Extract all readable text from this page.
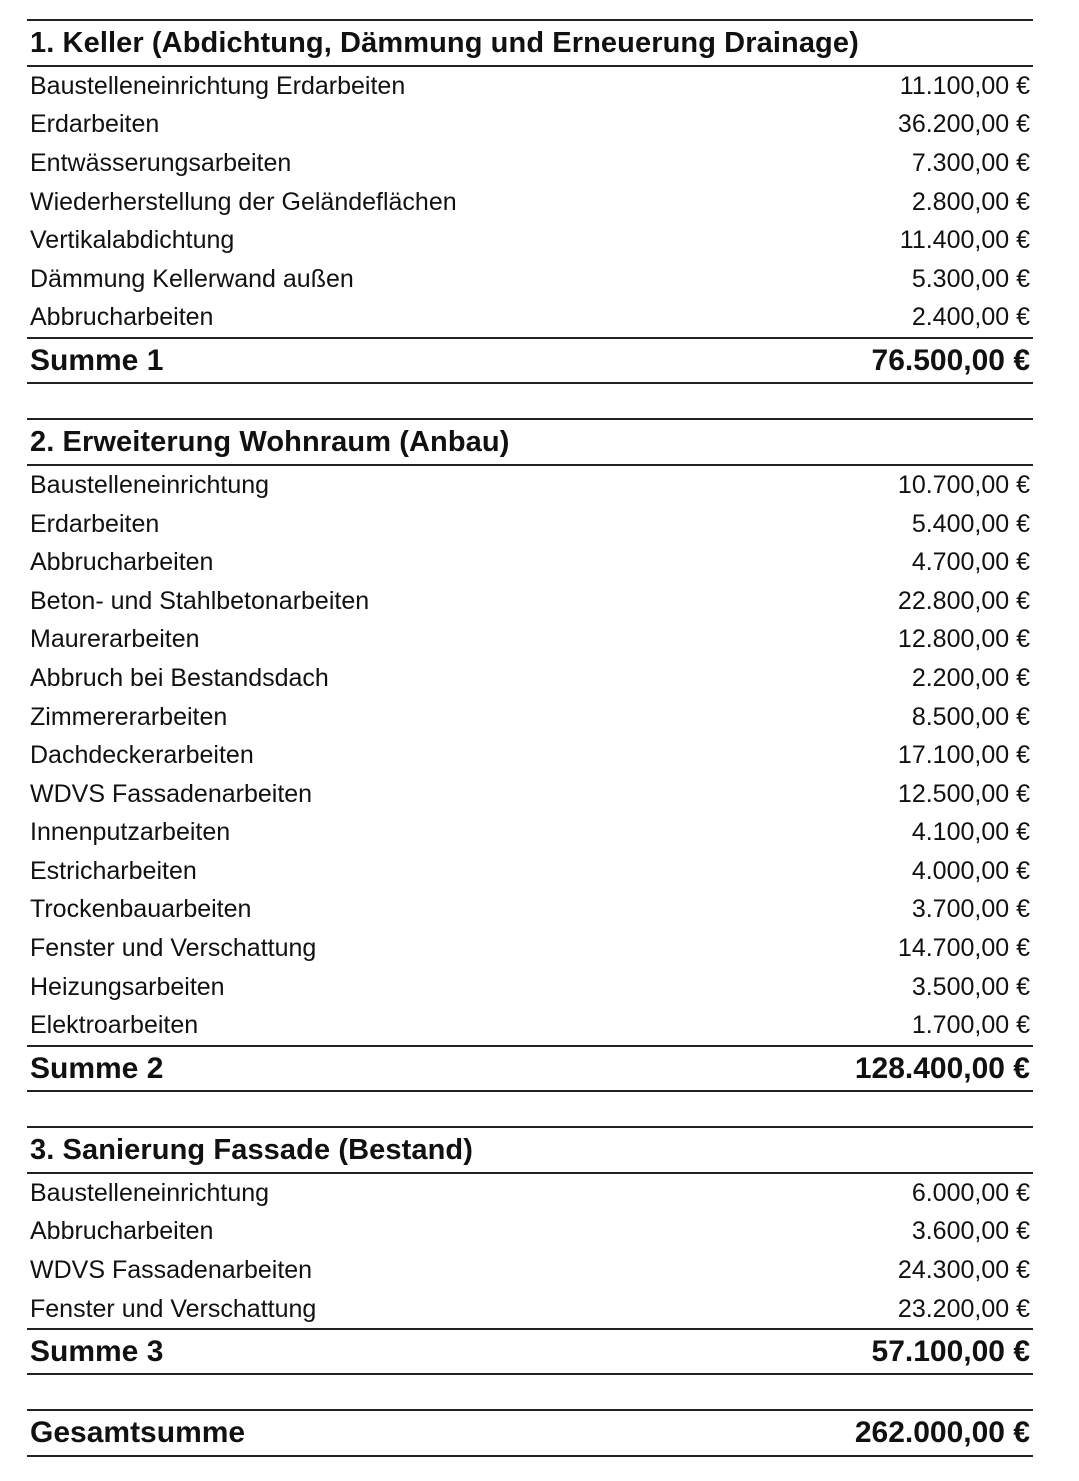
1. Keller (Abdichtung, Dämmung und Erneuerung Drainage)
Baustelleneinrichtung Erdarbeiten	11.100,00 €
Erdarbeiten	36.200,00 €
Entwässerungsarbeiten	7.300,00 €
Wiederherstellung der Geländeflächen	2.800,00 €
Vertikalabdichtung	11.400,00 €
Dämmung Kellerwand außen	5.300,00 €
Abbrucharbeiten	2.400,00 €
Summe 1	76.500,00 €
2. Erweiterung Wohnraum (Anbau)
Baustelleneinrichtung	10.700,00 €
Erdarbeiten	5.400,00 €
Abbrucharbeiten	4.700,00 €
Beton- und Stahlbetonarbeiten	22.800,00 €
Maurerarbeiten	12.800,00 €
Abbruch bei Bestandsdach	2.200,00 €
Zimmererarbeiten	8.500,00 €
Dachdeckerarbeiten	17.100,00 €
WDVS Fassadenarbeiten	12.500,00 €
Innenputzarbeiten	4.100,00 €
Estricharbeiten	4.000,00 €
Trockenbauarbeiten	3.700,00 €
Fenster und Verschattung	14.700,00 €
Heizungsarbeiten	3.500,00 €
Elektroarbeiten	1.700,00 €
Summe 2	128.400,00 €
3. Sanierung Fassade (Bestand)
Baustelleneinrichtung	6.000,00 €
Abbrucharbeiten	3.600,00 €
WDVS Fassadenarbeiten	24.300,00 €
Fenster und Verschattung	23.200,00 €
Summe 3	57.100,00 €
Gesamtsumme	262.000,00 €
